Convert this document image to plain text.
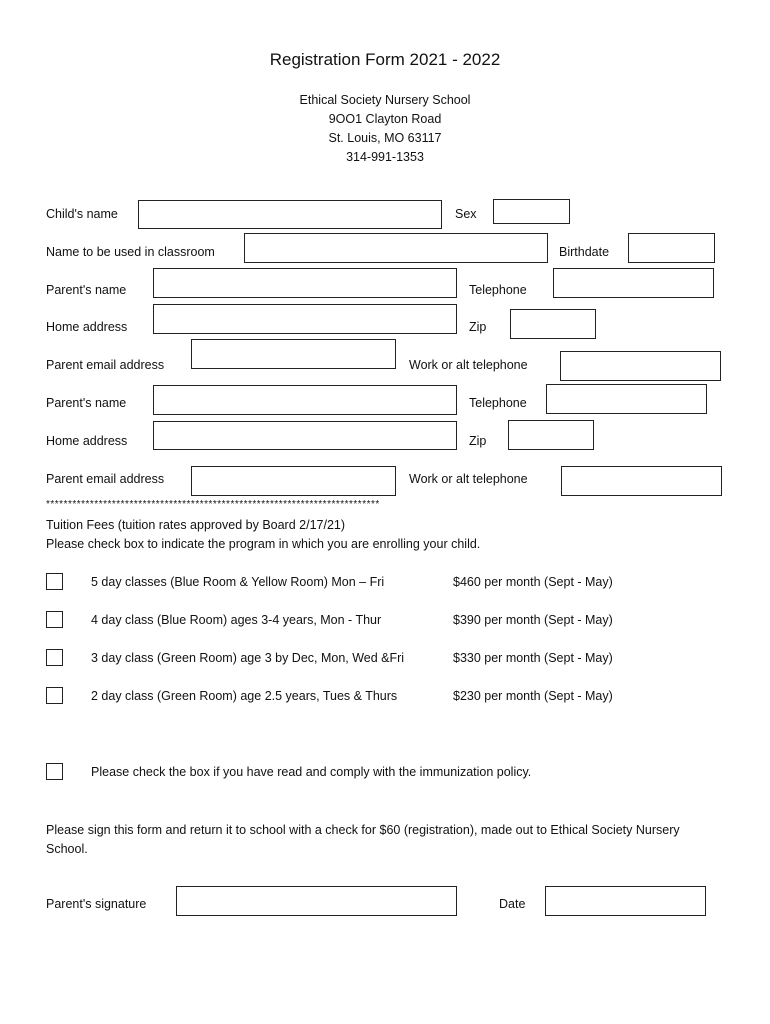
Registration Form 2021 - 2022
Ethical Society Nursery School
9OO1 Clayton Road
St. Louis, MO 63117
314-991-1353
Child's name	Sex
Name to be used in classroom	Birthdate
Parent's name	Telephone
Home address	Zip
Parent email address	Work or alt telephone
Parent's name	Telephone
Home address	Zip
Parent email address	Work or alt telephone
****************************************************************************
Tuition Fees (tuition rates approved by Board 2/17/21)
Please check box to indicate the program in which you are enrolling your child.
5 day classes (Blue Room & Yellow Room) Mon – Fri	$460 per month (Sept - May)
4 day class (Blue Room) ages 3-4 years, Mon - Thur	$390 per month (Sept - May)
3 day class (Green Room) age 3 by Dec, Mon, Wed &Fri	$330 per month (Sept - May)
2 day class (Green Room) age 2.5 years, Tues & Thurs	$230 per month (Sept - May)
Please check the box if you have read and comply with the immunization policy.
Please sign this form and return it to school with a check for $60 (registration), made out to Ethical Society Nursery School.
Parent's signature	Date
